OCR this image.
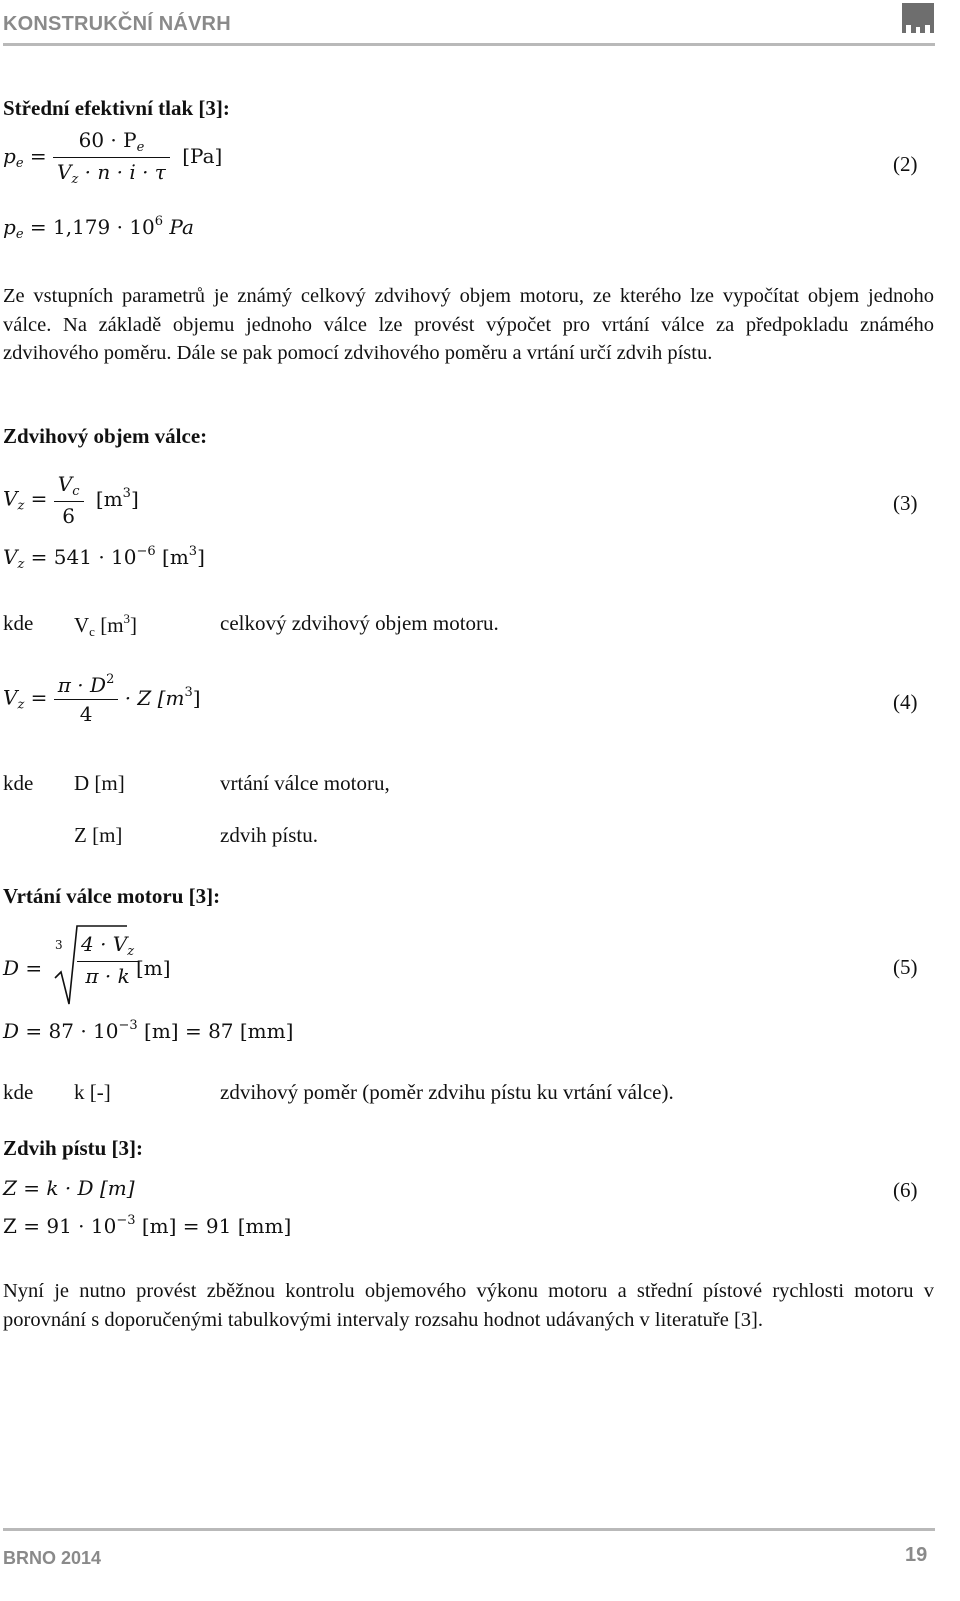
KONSTRUKČNÍ NÁVRH
Střední efektivní tlak [3]:
$p_e = \frac{60 \cdot P_e}{V_z \cdot n \cdot i \cdot \tau} [Pa]$	(2)
$p_e = 1,179 \cdot 10^6$ Pa
Ze vstupních parametrů je známý celkový zdvihový objem motoru, ze kterého lze vypočítat objem jednoho válce. Na základě objemu jednoho válce lze provést výpočet pro vrtání válce za předpokladu známého zdvihového poměru. Dále se pak pomocí zdvihového poměru a vrtání určí zdvih pístu.
Zdvihový objem válce:
$V_z = \frac{V_c}{6} [m^3]$	(3)
$V_z = 541 \cdot 10^{-6}$ $[m^3]$
kde $V_c$ $[m^3]$	celkový zdvihový objem motoru.
$V_z = \frac{\pi \cdot D^2}{4} \cdot Z$ $[m^3]$	(4)
kde D [m]	vrtání válce motoru,
Z [m]	zdvih pístu.
Vrtání válce motoru [3]:
D =
$3 \frac{4 \cdot V_z}{\pi \cdot k}$
[m]	(5)
$D = 87 \cdot 10^{-3}$ [m] = 87 [mm]
kde k [-]	zdvihový poměr (poměr zdvihu pístu ku vrtání válce).
Zdvih pístu [3]:
Z = k · D [m]	(6)
$Z = 91 \cdot 10^{-3}$ [m] = 91 [mm]
Nyní je nutno provést zběžnou kontrolu objemového výkonu motoru a střední pístové rychlosti motoru v porovnání s doporučenými tabulkovými intervaly rozsahu hodnot udávaných v literatuře [3].
BRNO 2014	19
